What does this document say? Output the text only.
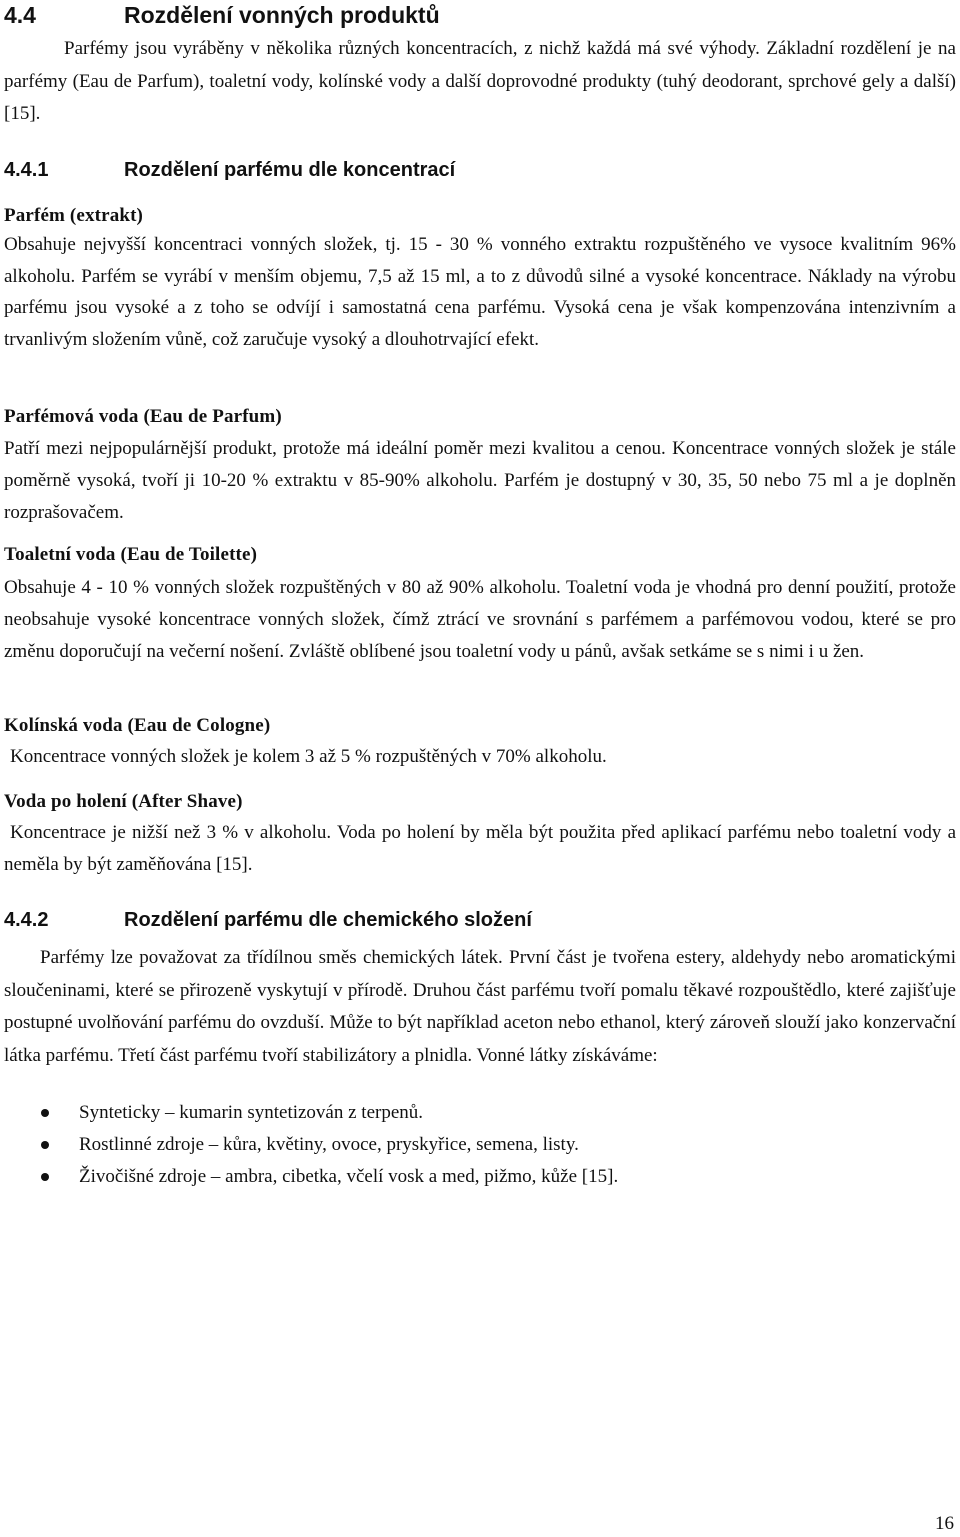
4.4	Rozdělení vonných produktů

Parfémy jsou vyráběny v několika různých koncentracích, z nichž každá má své výhody. Základní rozdělení je na parfémy (Eau de Parfum), toaletní vody, kolínské vody a další doprovodné produkty (tuhý deodorant, sprchové gely a další) [15].

4.4.1	Rozdělení parfému dle koncentrací
Parfém (extrakt)

Obsahuje nejvyšší koncentraci vonných složek, tj. 15 - 30 % vonného extraktu rozpuštěného ve vysoce kvalitním 96% alkoholu. Parfém se vyrábí v menším objemu, 7,5 až 15 ml, a to z důvodů silné a vysoké koncentrace. Náklady na výrobu parfému jsou vysoké a z toho se odvíjí i samostatná cena parfému. Vysoká cena je však kompenzována intenzivním a trvanlivým složením vůně, což zaručuje vysoký a dlouhotrvající efekt.

Parfémová voda (Eau de Parfum)

Patří mezi nejpopulárnější produkt, protože má ideální poměr mezi kvalitou a cenou. Koncentrace vonných složek je stále poměrně vysoká, tvoří ji 10-20 % extraktu v 85-90% alkoholu. Parfém je dostupný v 30, 35, 50 nebo 75 ml a je doplněn rozprašovačem.

Toaletní voda (Eau de Toilette)

Obsahuje 4 - 10 % vonných složek rozpuštěných v 80 až 90% alkoholu. Toaletní voda je vhodná pro denní použití, protože neobsahuje vysoké koncentrace vonných složek, čímž ztrácí ve srovnání s parfémem a parfémovou vodou, které se pro změnu doporučují na večerní nošení. Zvláště oblíbené jsou toaletní vody u pánů, avšak setkáme se s nimi i u žen.

Kolínská voda (Eau de Cologne)

Koncentrace vonných složek je kolem 3 až 5 % rozpuštěných v 70% alkoholu.

Voda po holení (After Shave)

Koncentrace je nižší než 3 % v alkoholu. Voda po holení by měla být použita před aplikací parfému nebo toaletní vody a neměla by být zaměňována [15].

4.4.2	Rozdělení parfému dle chemického složení

Parfémy lze považovat za třídílnou směs chemických látek. První část je tvořena estery, aldehydy nebo aromatickými sloučeninami, které se přirozeně vyskytují v přírodě. Druhou část parfému tvoří pomalu těkavé rozpouštědlo, které zajišťuje postupné uvolňování parfému do ovzduší. Může to být například aceton nebo ethanol, který zároveň slouží jako konzervační látka parfému. Třetí část parfému tvoří stabilizátory a plnidla. Vonné látky získáváme:

Synteticky – kumarin syntetizován z terpenů.
Rostlinné zdroje – kůra, květiny, ovoce, pryskyřice, semena, listy.
Živočišné zdroje – ambra, cibetka, včelí vosk a med, pižmo, kůže [15].
16
